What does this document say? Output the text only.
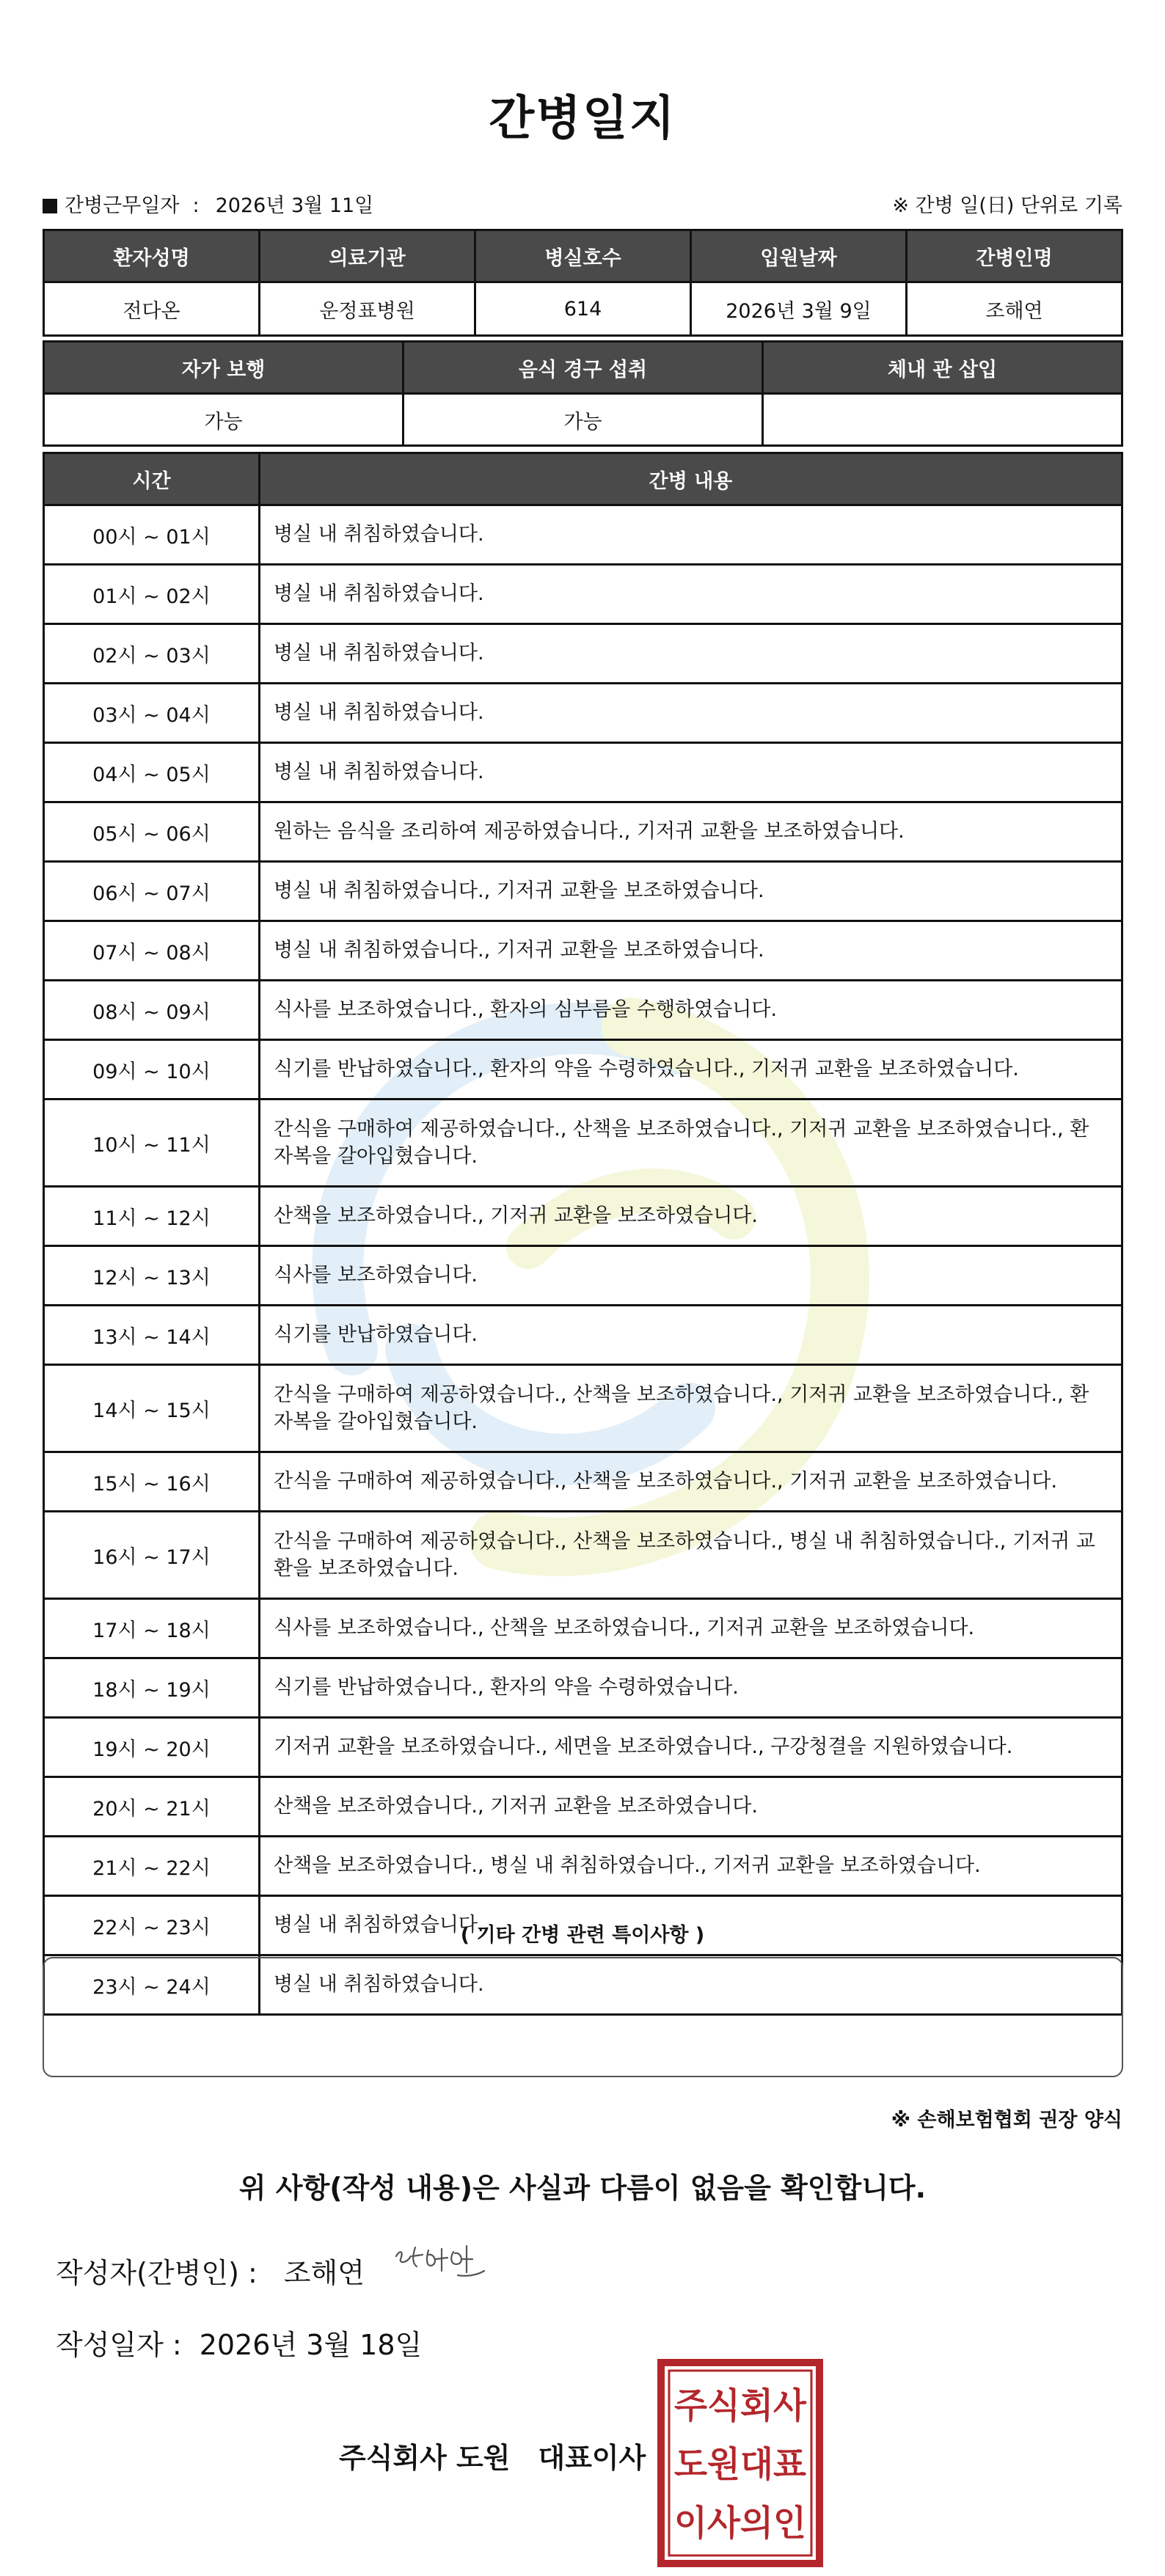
간병일지
간병근무일자 : 2026년 3월 11일	※ 간병 일(日) 단위로 기록
환자성명	의료기관	병실호수	입원날짜	간병인명
전다온	운정표병원	614	2026년 3월 9일	조해연
자가 보행	음식 경구 섭취	체내 관 삽입
가능	가능	
시간	간병 내용
00시 ~ 01시	병실 내 취침하였습니다.
01시 ~ 02시	병실 내 취침하였습니다.
02시 ~ 03시	병실 내 취침하였습니다.
03시 ~ 04시	병실 내 취침하였습니다.
04시 ~ 05시	병실 내 취침하였습니다.
05시 ~ 06시	원하는 음식을 조리하여 제공하였습니다., 기저귀 교환을 보조하였습니다.
06시 ~ 07시	병실 내 취침하였습니다., 기저귀 교환을 보조하였습니다.
07시 ~ 08시	병실 내 취침하였습니다., 기저귀 교환을 보조하였습니다.
08시 ~ 09시	식사를 보조하였습니다., 환자의 심부름을 수행하였습니다.
09시 ~ 10시	식기를 반납하였습니다., 환자의 약을 수령하였습니다., 기저귀 교환을 보조하였습니다.
10시 ~ 11시	간식을 구매하여 제공하였습니다., 산책을 보조하였습니다., 기저귀 교환을 보조하였습니다., 환자복을 갈아입혔습니다.
11시 ~ 12시	산책을 보조하였습니다., 기저귀 교환을 보조하였습니다.
12시 ~ 13시	식사를 보조하였습니다.
13시 ~ 14시	식기를 반납하였습니다.
14시 ~ 15시	간식을 구매하여 제공하였습니다., 산책을 보조하였습니다., 기저귀 교환을 보조하였습니다., 환자복을 갈아입혔습니다.
15시 ~ 16시	간식을 구매하여 제공하였습니다., 산책을 보조하였습니다., 기저귀 교환을 보조하였습니다.
16시 ~ 17시	간식을 구매하여 제공하였습니다., 산책을 보조하였습니다., 병실 내 취침하였습니다., 기저귀 교환을 보조하였습니다.
17시 ~ 18시	식사를 보조하였습니다., 산책을 보조하였습니다., 기저귀 교환을 보조하였습니다.
18시 ~ 19시	식기를 반납하였습니다., 환자의 약을 수령하였습니다.
19시 ~ 20시	기저귀 교환을 보조하였습니다., 세면을 보조하였습니다., 구강청결을 지원하였습니다.
20시 ~ 21시	산책을 보조하였습니다., 기저귀 교환을 보조하였습니다.
21시 ~ 22시	산책을 보조하였습니다., 병실 내 취침하였습니다., 기저귀 교환을 보조하였습니다.
22시 ~ 23시	병실 내 취침하였습니다.
23시 ~ 24시	병실 내 취침하였습니다.
( 기타 간병 관련 특이사항 )
※ 손해보험협회 권장 양식
위 사항(작성 내용)은 사실과 다름이 없음을 확인합니다.
작성자(간병인) : 조해연
작성일자 : 2026년 3월 18일
주식회사 도원 대표이사
주식회사
도원대표
이사의인
